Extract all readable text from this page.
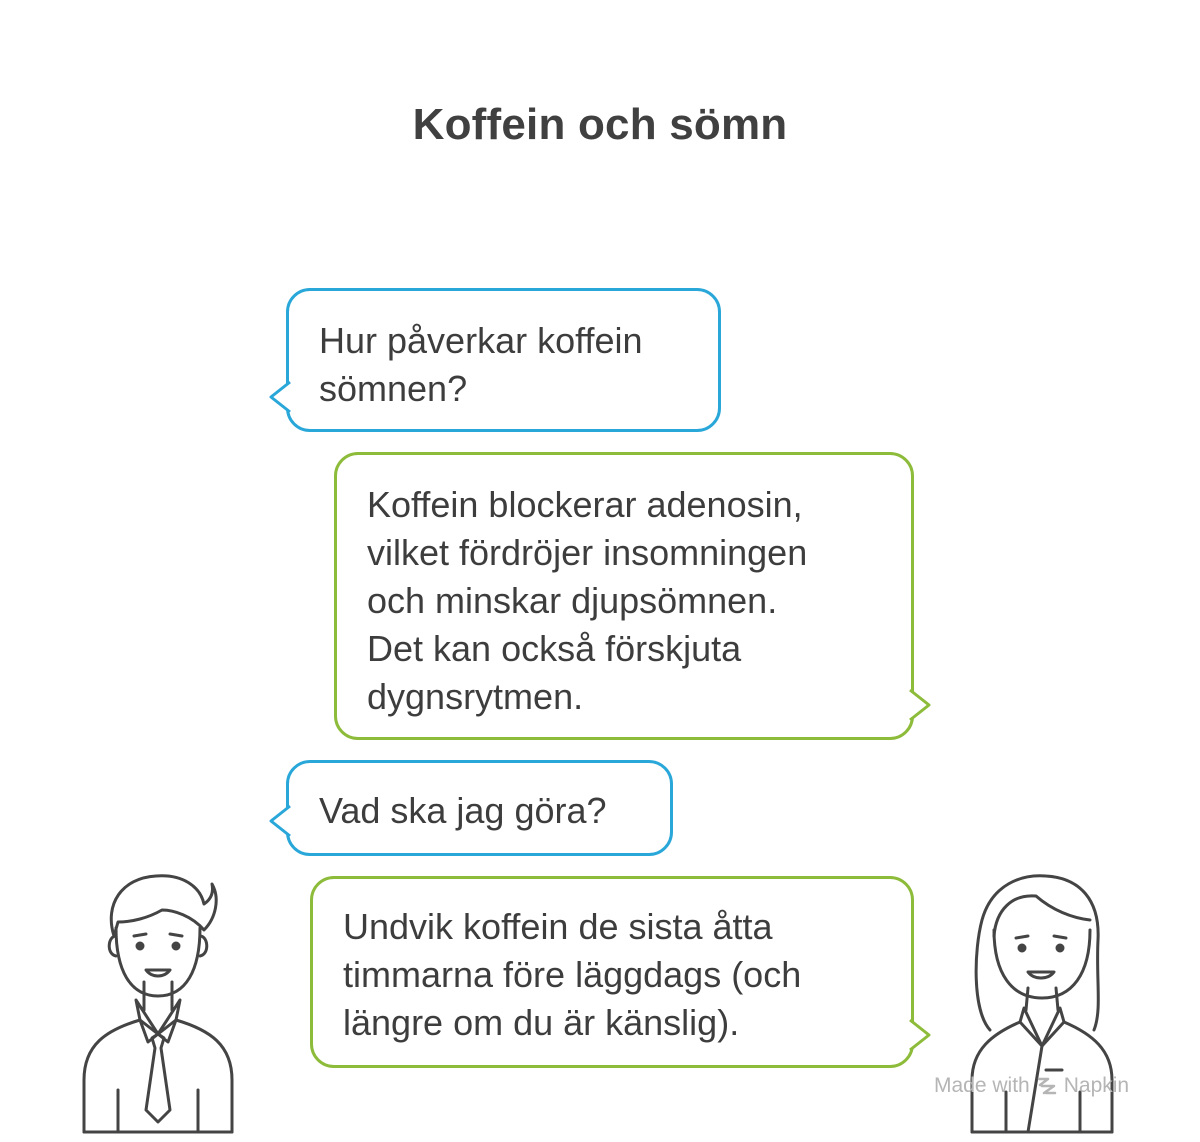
Koffein och sömn
Hur påverkar koffein
sömnen?
Koffein blockerar adenosin,
vilket fördröjer insomningen
och minskar djupsömnen.
Det kan också förskjuta
dygnsrytmen.
Vad ska jag göra?
Undvik koffein de sista åtta
timmarna före läggdags (och
längre om du är känslig).
Made with Napkin
